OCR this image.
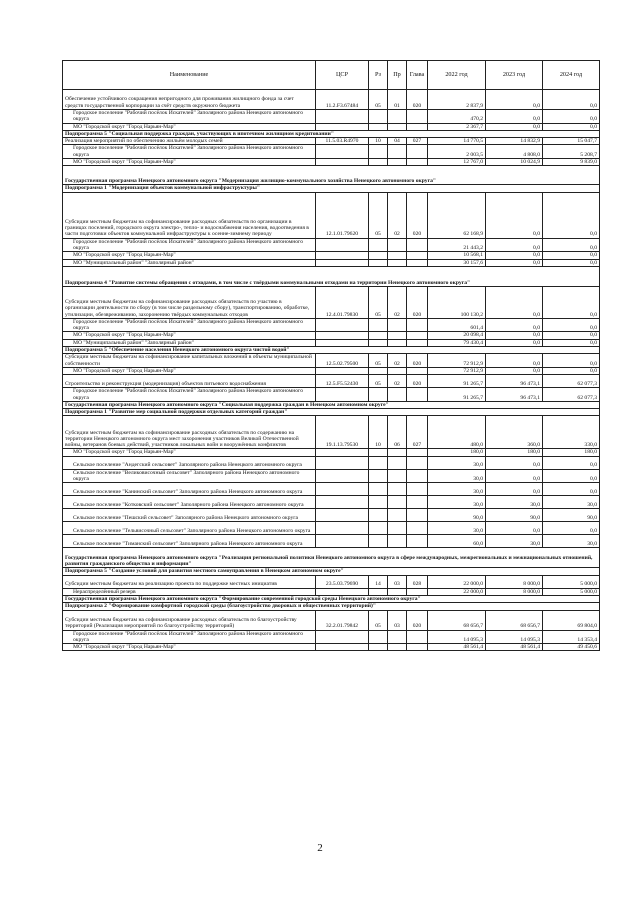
Наименование	ЦСР	Рз	Пр	Глава	2022 год	2023 год	2024 год
Обеспечение устойчивого сокращения непригодного для проживания жилищного фонда за счет средств государственной корпорации за счёт средств окружного бюджета	11.2.F3.67484	05	01	020	2 837,9	0,0	0,0
Городское поселение "Рабочий посёлок Искателей" Заполярного района Ненецкого автономного округа					470,2	0,0	0,0
МО "Городской округ "Город Нарьян-Мар"					2 367,7	0,0	0,0
Подпрограмма 5 "Социальная поддержка граждан, участвующих в ипотечном жилищном кредитовании"							
Реализация мероприятий по обеспечению жильём молодых семей	11.5.03.R4970	10	04	027	14 770,5	14 832,9	15 047,7
Городское поселение "Рабочий посёлок Искателей" Заполярного района Ненецкого автономного округа					2 003,5	4 808,0	5 208,7
МО "Городской округ "Город Нарьян-Мар"					12 767,0	10 024,9	9 839,0
Государственная программа Ненецкого автономного округа "Модернизация жилищно-коммунального хозяйства Ненецкого автономного округа"							
Подпрограмма 1 "Модернизация объектов коммунальной инфраструктуры"							
Субсидии местным бюджетам на софинансирование расходных обязательств по организации в границах поселений, городского округа электро-, тепло- и водоснабжения населения, водоотведения в части подготовки объектов коммунальной инфраструктуры к осенне-зимнему периоду	12.1.01.79620	05	02	020	62 168,9	0,0	0,0
Городское поселение "Рабочий посёлок Искателей" Заполярного района Ненецкого автономного округа					21 443,2	0,0	0,0
МО "Городской округ "Город Нарьян-Мар"					10 568,1	0,0	0,0
МО "Муниципальный район" "Заполярный район"					30 157,6	0,0	0,0
Подпрограмма 4 "Развитие системы обращения с отходами, в том числе с твёрдыми коммунальными отходами на территории Ненецкого автономного округа"							
Субсидии местным бюджетам на софинансирование расходных обязательств по участию в организации деятельности по сбору (в том числе раздельному сбору), транспортированию, обработке, утилизации, обезвреживанию, захоронению твёрдых коммунальных отходов	12.4.01.79830	05	02	020	100 130,2	0,0	0,0
Городское поселение "Рабочий посёлок Искателей" Заполярного района Ненецкого автономного округа					601,4	0,0	0,0
МО "Городской округ "Город Нарьян-Мар"					20 098,4	0,0	0,0
МО "Муниципальный район" "Заполярный район"					79 430,4	0,0	0,0
Подпрограмма 5 "Обеспечение населения Ненецкого автономного округа чистой водой"							
Субсидии местным бюджетам на софинансирование капитальных вложений в объекты муниципальной собственности	12.5.02.79500	05	02	020	72 912,9	0,0	0,0
МО "Городской округ "Город Нарьян-Мар"					72 912,9	0,0	0,0
Строительство и реконструкция (модернизация) объектов питьевого водоснабжения	12.5.F5.52430	05	02	020	91 265,7	96 473,1	62 077,3
Городское поселение "Рабочий посёлок Искателей" Заполярного района Ненецкого автономного округа					91 265,7	96 473,1	62 077,3
Государственная программа Ненецкого автономного округа "Социальная поддержка граждан в Ненецком автономном округе"							
Подпрограмма 1 "Развитие мер социальной поддержки отдельных категорий граждан"							
Субсидии местным бюджетам на софинансирование расходных обязательств по содержанию на территории Ненецкого автономного округа мест захоронения участников Великой Отечественной войны, ветеранов боевых действий, участников локальных войн и вооружённых конфликтов	19.1.13.79530	10	06	027	480,0	360,0	330,0
МО "Городской округ "Город Нарьян-Мар"					180,0	180,0	180,0
Сельское поселение "Андегский сельсовет" Заполярного района Ненецкого автономного округа					30,0	0,0	0,0
Сельское поселение "Великовисочный сельсовет" Заполярного района Ненецкого автономного округа					30,0	0,0	0,0
Сельское поселение "Канинский сельсовет" Заполярного района Ненецкого автономного округа					30,0	0,0	0,0
Сельское поселение "Котковский сельсовет" Заполярного района Ненецкого автономного округа					30,0	30,0	30,0
Сельское поселение "Пешский сельсовет" Заполярного района Ненецкого автономного округа					90,0	90,0	90,0
Сельское поселение "Тельвисочный сельсовет" Заполярного района Ненецкого автономного округа					30,0	0,0	0,0
Сельское поселение "Тиманский сельсовет" Заполярного района Ненецкого автономного округа					60,0	30,0	30,0
Государственная программа Ненецкого автономного округа "Реализация региональной политики Ненецкого автономного округа в сфере международных, межрегиональных и межнациональных отношений, развития гражданского общества и информации"							
Подпрограмма 5 "Создание условий для развития местного самоуправления в Ненецком автономном округе"							
Субсидии местным бюджетам на реализацию проекта по поддержке местных инициатив	23.5.03.79690	14	03	028	22 000,0	8 000,0	5 000,0
Нераспределённый резерв					22 000,0	8 000,0	5 000,0
Государственная программа Ненецкого автономного округа "Формирование современной городской среды Ненецкого автономного округа"							
Подпрограмма 2 "Формирование комфортной городской среды (благоустройство дворовых и общественных территорий)"							
Субсидии местным бюджетам на софинансирование расходных обязательств по благоустройству территорий (Реализация мероприятий по благоустройству территорий)	32.2.01.79842	05	03	020	68 656,7	68 656,7	69 804,0
Городское поселение "Рабочий посёлок Искателей" Заполярного района Ненецкого автономного округа					14 095,3	14 095,3	14 353,4
МО "Городской округ "Город Нарьян-Мар"					48 561,4	48 561,4	49 450,6
2
